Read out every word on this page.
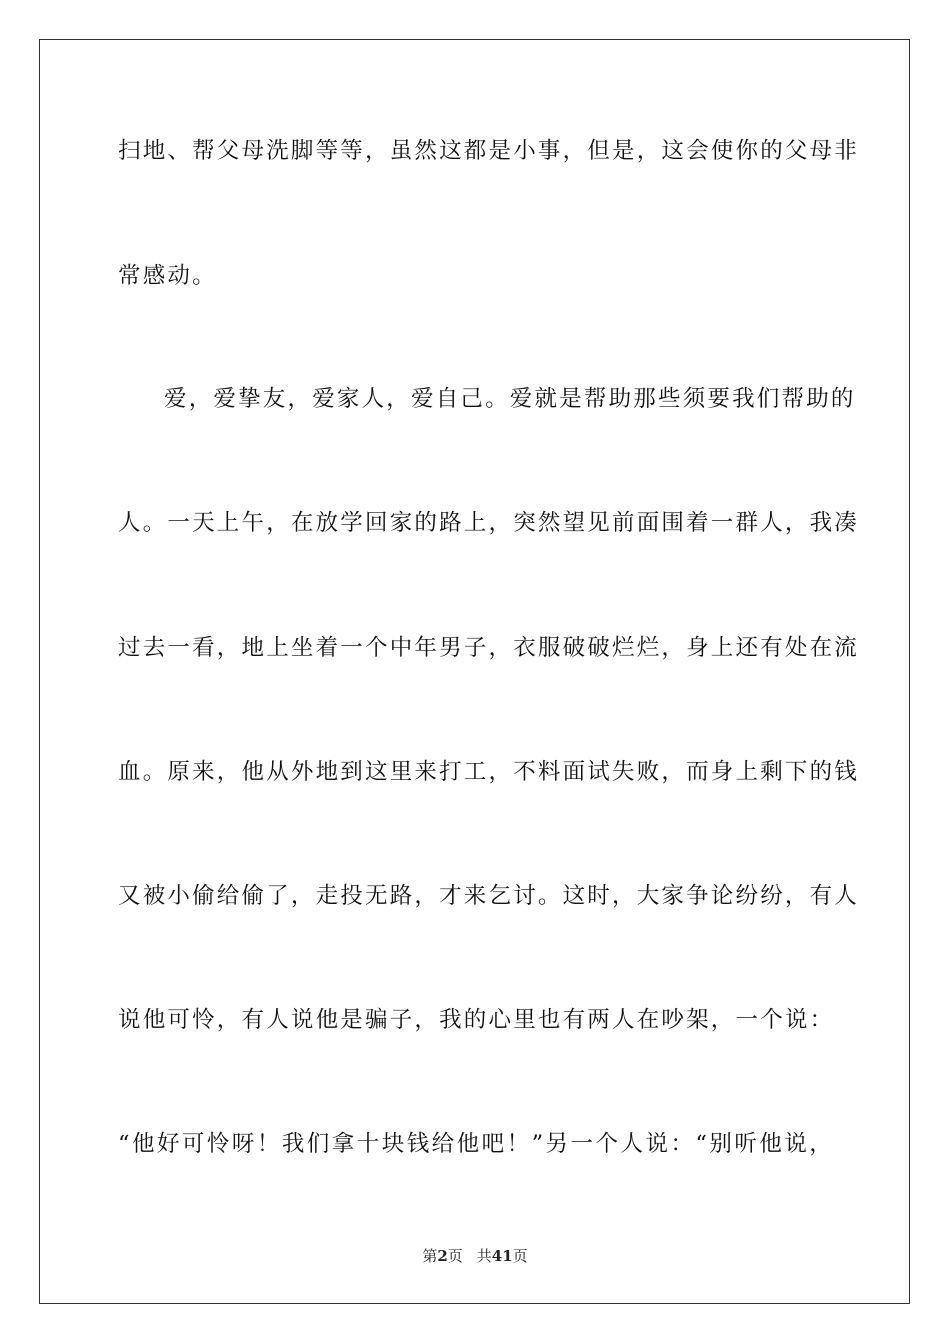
扫地、帮父母洗脚等等，虽然这都是小事，但是，这会使你的父母非

常感动。

爱，爱挚友，爱家人，爱自己。爱就是帮助那些须要我们帮助的

人。一天上午，在放学回家的路上，突然望见前面围着一群人，我凑

过去一看，地上坐着一个中年男子，衣服破破烂烂，身上还有处在流

血。原来，他从外地到这里来打工，不料面试失败，而身上剩下的钱

又被小偷给偷了，走投无路，才来乞讨。这时，大家争论纷纷，有人

说他可怜，有人说他是骗子，我的心里也有两人在吵架，一个说：

“他好可怜呀！我们拿十块钱给他吧！”另一个人说：“别听他说，

第2页 共41页
